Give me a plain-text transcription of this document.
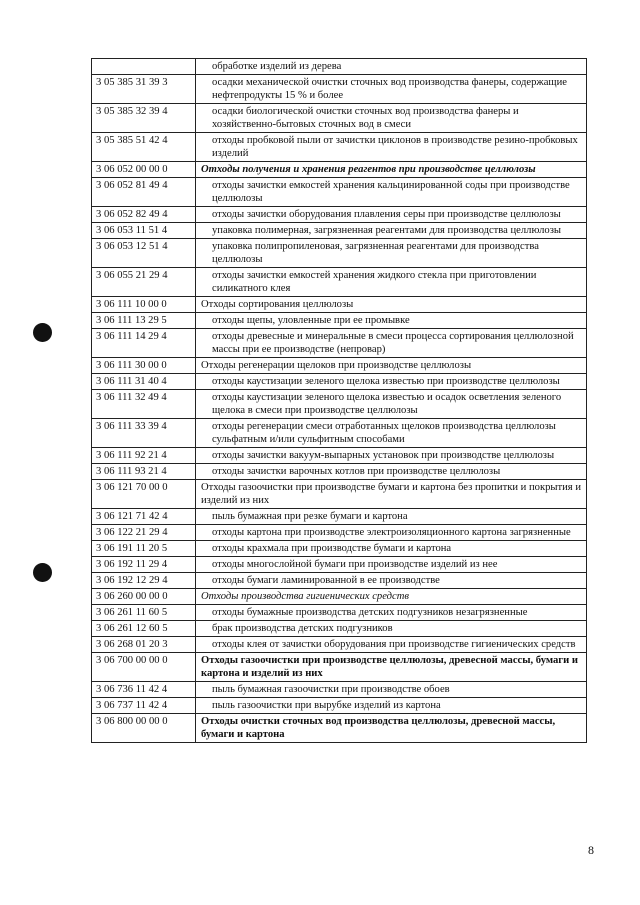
	обработке изделий из дерева
3 05 385 31 39 3	осадки механической очистки сточных вод производства фанеры, содержащие нефтепродукты 15 % и более
3 05 385 32 39 4	осадки биологической очистки сточных вод производства фанеры и хозяйственно-бытовых сточных вод в смеси
3 05 385 51 42 4	отходы пробковой пыли от зачистки циклонов в производстве резино-пробковых изделий
3 06 052 00 00 0	Отходы получения и хранения реагентов при производстве целлюлозы
3 06 052 81 49 4	отходы зачистки емкостей хранения кальцинированной соды при производстве целлюлозы
3 06 052 82 49 4	отходы зачистки оборудования плавления серы при производстве целлюлозы
3 06 053 11 51 4	упаковка полимерная, загрязненная реагентами для производства целлюлозы
3 06 053 12 51 4	упаковка полипропиленовая, загрязненная реагентами для производства целлюлозы
3 06 055 21 29 4	отходы зачистки емкостей хранения жидкого стекла при приготовлении силикатного клея
3 06 111 10 00 0	Отходы сортирования целлюлозы
3 06 111 13 29 5	отходы щепы, уловленные при ее промывке
3 06 111 14 29 4	отходы древесные и минеральные в смеси процесса сортирования целлюлозной массы при ее производстве (непровар)
3 06 111 30 00 0	Отходы регенерации щелоков при производстве целлюлозы
3 06 111 31 40 4	отходы каустизации зеленого щелока известью при производстве целлюлозы
3 06 111 32 49 4	отходы каустизации зеленого щелока известью и осадок осветления зеленого щелока в смеси при производстве целлюлозы
3 06 111 33 39 4	отходы регенерации смеси отработанных щелоков производства целлюлозы сульфатным и/или сульфитным способами
3 06 111 92 21 4	отходы зачистки вакуум-выпарных установок при производстве целлюлозы
3 06 111 93 21 4	отходы зачистки варочных котлов при производстве целлюлозы
3 06 121 70 00 0	Отходы газоочистки при производстве бумаги и картона без пропитки и покрытия и изделий из них
3 06 121 71 42 4	пыль бумажная при резке бумаги и картона
3 06 122 21 29 4	отходы картона при производстве электроизоляционного картона загрязненные
3 06 191 11 20 5	отходы крахмала при производстве бумаги и картона
3 06 192 11 29 4	отходы многослойной бумаги при производстве изделий из нее
3 06 192 12 29 4	отходы бумаги ламинированной в ее производстве
3 06 260 00 00 0	Отходы производства гигиенических средств
3 06 261 11 60 5	отходы бумажные производства детских подгузников незагрязненные
3 06 261 12 60 5	брак производства детских подгузников
3 06 268 01 20 3	отходы клея от зачистки оборудования при производстве гигиенических средств
3 06 700 00 00 0	Отходы газоочистки при производстве целлюлозы, древесной массы, бумаги и картона и изделий из них
3 06 736 11 42 4	пыль бумажная газоочистки при производстве обоев
3 06 737 11 42 4	пыль газоочистки при вырубке изделий из картона
3 06 800 00 00 0	Отходы очистки сточных вод производства целлюлозы, древесной массы, бумаги и картона
8
